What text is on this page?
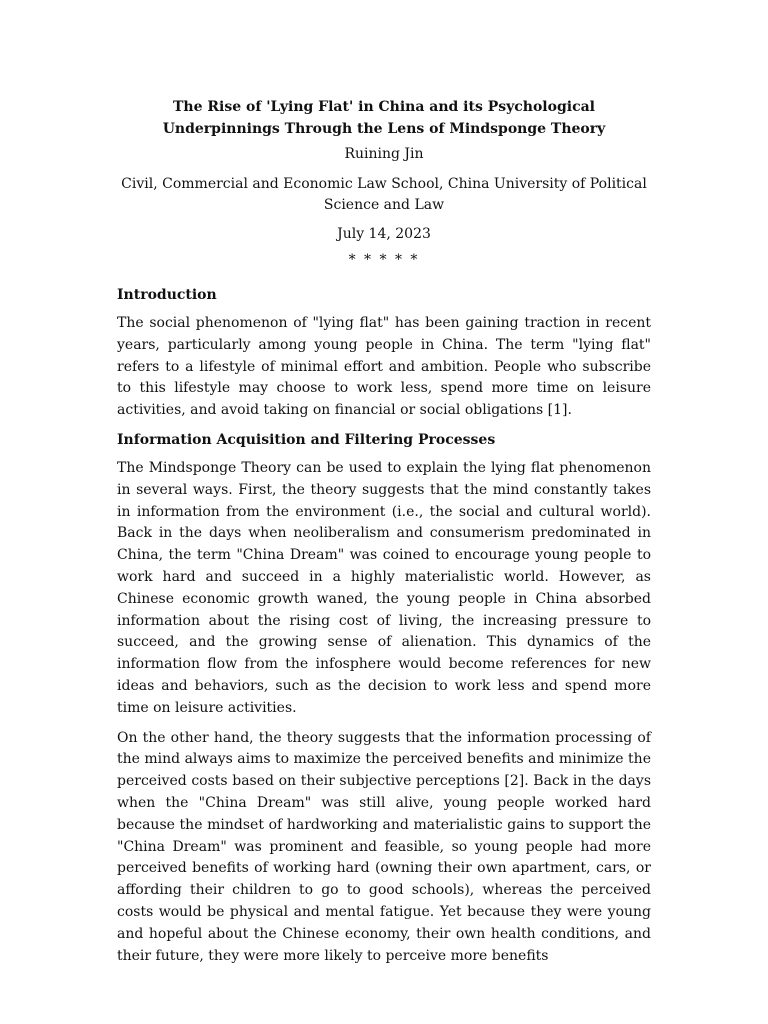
The Rise of 'Lying Flat' in China and its Psychological Underpinnings Through the Lens of Mindsponge Theory
Ruining Jin
Civil, Commercial and Economic Law School, China University of Political Science and Law
July 14, 2023
* * * * *
Introduction

The social phenomenon of "lying flat" has been gaining traction in recent years, particularly among young people in China. The term "lying flat" refers to a lifestyle of minimal effort and ambition. People who subscribe to this lifestyle may choose to work less, spend more time on leisure activities, and avoid taking on financial or social obligations [1].

Information Acquisition and Filtering Processes

The Mindsponge Theory can be used to explain the lying flat phenomenon in several ways. First, the theory suggests that the mind constantly takes in information from the environment (i.e., the social and cultural world). Back in the days when neoliberalism and consumerism predominated in China, the term "China Dream" was coined to encourage young people to work hard and succeed in a highly materialistic world. However, as Chinese economic growth waned, the young people in China absorbed information about the rising cost of living, the increasing pressure to succeed, and the growing sense of alienation. This dynamics of the information flow from the infosphere would become references for new ideas and behaviors, such as the decision to work less and spend more time on leisure activities.

On the other hand, the theory suggests that the information processing of the mind always aims to maximize the perceived benefits and minimize the perceived costs based on their subjective perceptions [2]. Back in the days when the "China Dream" was still alive, young people worked hard because the mindset of hardworking and materialistic gains to support the "China Dream" was prominent and feasible, so young people had more perceived benefits of working hard (owning their own apartment, cars, or affording their children to go to good schools), whereas the perceived costs would be physical and mental fatigue. Yet because they were young and hopeful about the Chinese economy, their own health conditions, and their future, they were more likely to perceive more benefits
